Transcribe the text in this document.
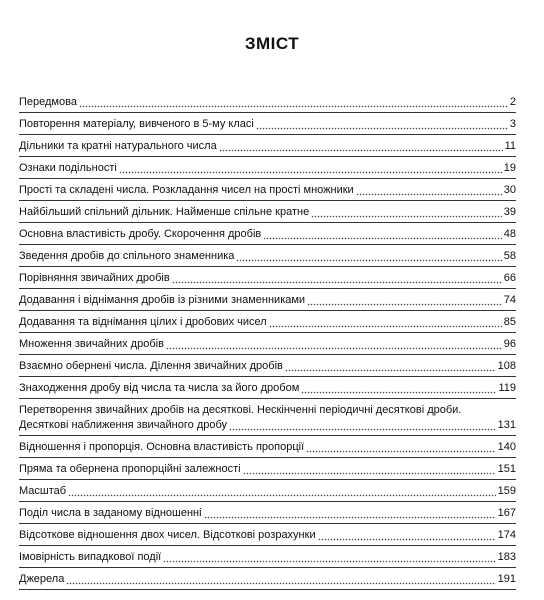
ЗМІСТ
Передмова	2
Повторення матеріалу, вивченого в 5-му класі	3
Дільники та кратні натурального числа	11
Ознаки подільності	19
Прості та складені числа. Розкладання чисел на прості множники	30
Найбільший спільний дільник. Найменше спільне кратне	39
Основна властивість дробу. Скорочення дробів	48
Зведення дробів до спільного знаменника	58
Порівняння звичайних дробів	66
Додавання і віднімання дробів із різними знаменниками	74
Додавання та віднімання цілих і дробових чисел	85
Множення звичайних дробів	96
Взаємно обернені числа. Ділення звичайних дробів	108
Знаходження дробу від числа та числа за його дробом	119
Перетворення звичайних дробів на десяткові. Нескінченні періодичні десяткові дроби.
Десяткові наближення звичайного дробу	131
Відношення і пропорція. Основна властивість пропорції	140
Пряма та обернена пропорційні залежності	151
Масштаб	159
Поділ числа в заданому відношенні	167
Відсоткове відношення двох чисел. Відсоткові розрахунки	174
Імовірність випадкової події	183
Джерела	191
